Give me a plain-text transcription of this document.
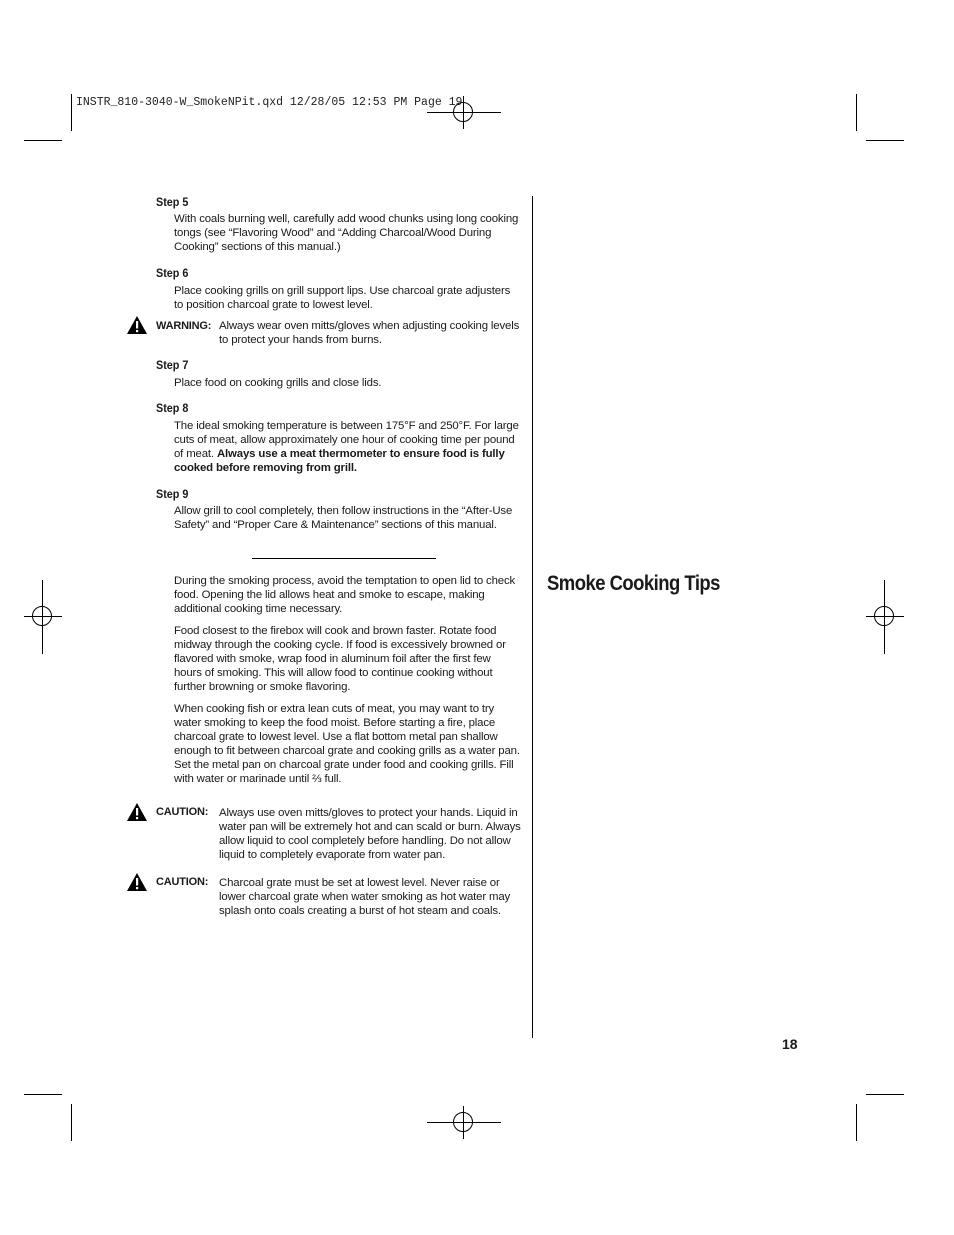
INSTR_810-3040-W_SmokeNPit.qxd 12/28/05 12:53 PM Page 19
Step 5
With coals burning well, carefully add wood chunks using long cooking tongs (see “Flavoring Wood” and “Adding Charcoal/Wood During Cooking” sections of this manual.)
Step 6
Place cooking grills on grill support lips. Use charcoal grate adjusters to position charcoal grate to lowest level.
WARNING: Always wear oven mitts/gloves when adjusting cooking levels to protect your hands from burns.
Step 7
Place food on cooking grills and close lids.
Step 8
The ideal smoking temperature is between 175°F and 250°F. For large cuts of meat, allow approximately one hour of cooking time per pound of meat. Always use a meat thermometer to ensure food is fully cooked before removing from grill.
Step 9
Allow grill to cool completely, then follow instructions in the “After-Use Safety” and “Proper Care & Maintenance” sections of this manual.

During the smoking process, avoid the temptation to open lid to check food. Opening the lid allows heat and smoke to escape, making additional cooking time necessary.

Food closest to the firebox will cook and brown faster. Rotate food midway through the cooking cycle. If food is excessively browned or flavored with smoke, wrap food in aluminum foil after the first few hours of smoking. This will allow food to continue cooking without further browning or smoke flavoring.

When cooking fish or extra lean cuts of meat, you may want to try water smoking to keep the food moist. Before starting a fire, place charcoal grate to lowest level. Use a flat bottom metal pan shallow enough to fit between charcoal grate and cooking grills as a water pan. Set the metal pan on charcoal grate under food and cooking grills. Fill with water or marinade until ⅔ full.

CAUTION: Always use oven mitts/gloves to protect your hands. Liquid in water pan will be extremely hot and can scald or burn. Always allow liquid to cool completely before handling. Do not allow liquid to completely evaporate from water pan.
CAUTION: Charcoal grate must be set at lowest level. Never raise or lower charcoal grate when water smoking as hot water may splash onto coals creating a burst of hot steam and coals.
Smoke Cooking Tips
18
